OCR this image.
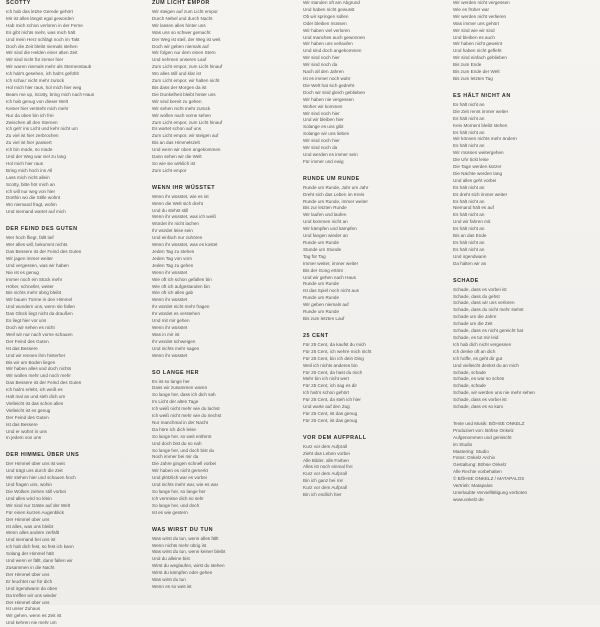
SCOTTY
Ich hab das letzte Gerede gehört
Mir ist alles längst egal geworden
Hab mich schon verloren in der Ferne
Es gibt nichts mehr, was mich hält
Und mein Herz schlägt noch im Takt
Doch die Zeit bleibt niemals stehen
Wir sind die Helden einer alten Zeit
Wir sind nicht für immer hier
Wir waren niemals mehr als Sternenstaub
Ich hab's gesehen, ich hab's gefühlt
Ich schau' nicht mehr zurück
Hol mich hier raus, hol mich hier weg
Beam me up, Scotty, bring mich nach Haus
Ich hab genug von dieser Welt
Keiner hier versteht mich mehr
Nur da oben bin ich frei
Zwischen all den Sternen
Ich geh' ins Licht und kehr nicht um
Zu viel ist hier zerbrochen
Zu viel ist hier passiert
Ich bin müde, so müde
Und der Weg war viel zu lang
Hol mich hier raus
Bring mich hoch ins All
Lass mich nicht allein
Scotty, bitte hör mich an
Ich will nur weg von hier
Dorthin wo die Stille wohnt
Wo niemand fragt, wohin
Und niemand wartet auf mich
DER FEIND DES GUTEN
Wer hoch fliegt, fällt tief
Wer alles will, bekommt nichts
Das Bessere ist der Feind des Guten
Wir jagen immer weiter
Und vergessen, was wir haben
Nie ist es genug
Immer noch ein Stück mehr
Höher, schneller, weiter
Bis nichts mehr übrig bleibt
Wir bauen Türme in den Himmel
Und wundern uns, wenn sie fallen
Das Glück liegt nicht da draußen
Es liegt hier vor uns
Doch wir sehen es nicht
Weil wir nur nach vorne schauen
Der Feind des Guten
Ist das Bessere
Und wir rennen ihm hinterher
Bis wir am Boden liegen
Wir haben alles und doch nichts
Wir wollen mehr und noch mehr
Das Bessere ist der Feind des Guten
Ich hab's erlebt, ich weiß es
Halt mal an und sieh dich um
Vielleicht ist das schon alles
Vielleicht ist es genug
Der Feind des Guten
Ist das Bessere
Und er wohnt in uns
In jedem von uns
DER HIMMEL ÜBER UNS
Der Himmel über uns ist weit
Und trägt uns durch die Zeit
Wir stehen hier und schauen hoch
Und fragen uns, wohin
Die Wolken ziehen still vorbei
Und alles wird so klein
Wir sind nur Gäste auf der Welt
Für einen kurzen Augenblick
Der Himmel über uns
Ist alles, was uns bleibt
Wenn alles andere zerfällt
Und niemand bei uns ist
Ich halt dich fest, so fest ich kann
Solang der Himmel hält
Und wenn er fällt, dann fallen wir
Zusammen in die Nacht
Der Himmel über uns
Er leuchtet nur für dich
Und irgendwann da oben
Da treffen wir uns wieder
Der Himmel über uns
Ist unser Zuhaus
Wir gehen, wenn es Zeit ist
Und kehren nie mehr um
ZUM LICHT EMPOR
Wir steigen auf zum Licht empor
Durch Nebel und durch Nacht
Wir lassen alles hinter uns
Was uns so schwer gemacht
Der Weg ist steil, der Weg ist weit
Doch wir geben niemals auf
Wir folgen nur dem einen Stern
Und nehmen unseren Lauf
Zum Licht empor, zum Licht hinauf
Wo alles still und klar ist
Zum Licht empor, wir halten nicht
Bis dass der Morgen da ist
Die Dunkelheit bleibt hinter uns
Wir sind bereit zu gehen
Wir sehen nicht mehr zurück
Wir wollen nach vorne sehen
Zum Licht empor, zum Licht hinauf
Es wartet schon auf uns
Zum Licht empor, wir steigen auf
Bis an das Himmelszelt
Und wenn wir oben angekommen
Dann sehen wir die Welt
So wie sie wirklich ist
Zum Licht empor
WENN IHR WÜSSTET
Wenn ihr wüsstet, wie es ist
Wenn die Welt sich dreht
Und du stehst still
Wenn ihr wüsstet, was ich weiß
Würdet ihr nicht lachen
Ihr würdet leise sein
Und einfach nur zuhören
Wenn ihr wüsstet, was es kostet
Jeden Tag zu stehen
Jeden Tag von vorn
Jeden Tag zu gehen
Wenn ihr wüsstet
Wie oft ich schon gefallen bin
Wie oft ich aufgestanden bin
Wie oft ich alles gab
Wenn ihr wüsstet
Ihr würdet nicht mehr fragen
Ihr würdet es verstehen
Und mit mir gehen
Wenn ihr wüsstet
Was in mir ist
Ihr würdet schweigen
Und nichts mehr sagen
Wenn ihr wüsstet
SO LANGE HER
Es ist so lange her
Dass wir zusammen waren
So lange her, dass ich dich sah
Im Licht der alten Tage
Ich weiß nicht mehr wie du lachst
Ich weiß nicht mehr wie du riechst
Nur manchmal in der Nacht
Da höre ich dich leise
So lange her, so weit entfernt
Und doch bist du so nah
So lange her, und doch bist du
Noch immer bei mir da
Die Jahre gingen schnell vorbei
Wir haben es nicht gemerkt
Und plötzlich war es vorbei
Und nichts mehr war, wie es war
So lange her, so lange her
Ich vermisse dich so sehr
So lange her, und doch
Ist es wie gestern
WAS WIRST DU TUN
Was wirst du tun, wenn alles fällt
Wenn nichts mehr übrig ist
Was wirst du tun, wenn keiner bleibt
Und du alleine bist
Wirst du weglaufen, wirst du stehen
Wirst du kämpfen oder gehen
Was wirst du tun
Wenn es so weit ist
Wir standen oft am Abgrund
Und haben nicht gewusst
Ob wir springen sollen
Oder bleiben müssen
Wir haben viel verloren
Und manches auch gewonnen
Wir haben uns verlaufen
Und sind doch angekommen
Wir sind noch hier
Wir sind noch da
Nach all den Jahren
Ist es immer noch wahr
Die Welt hat sich gedreht
Doch wir sind gleich geblieben
Wir haben nie vergessen
Woher wir kommen
Wir sind noch hier
Und wir bleiben hier
Solange es uns gibt
Solange wir uns lieben
Wir sind noch hier
Wir sind noch da
Und werden es immer sein
Für immer und ewig
RUNDE UM RUNDE
Runde um Runde, Jahr um Jahr
Dreht sich das Leben im Kreis
Runde um Runde, immer weiter
Bis zur letzten Runde
Wir laufen und laufen
Und kommen nicht an
Wir kämpfen und kämpfen
Und fangen wieder an
Runde um Runde
Stunde um Stunde
Tag für Tag
Immer weiter, immer weiter
Bis der Gong ertönt
Und wir gehen nach Haus
Runde um Runde
Ist das Spiel noch nicht aus
Runde um Runde
Wir geben niemals auf
Runde um Runde
Bis zum letzten Lauf
25 CENT
Für 25 Cent, da kaufst du mich
Für 25 Cent, ich wehre mich nicht
Für 25 Cent, bin ich dein Ding
Weil ich nichts anderes bin
Für 25 Cent, da hast du mich
Mehr bin ich nicht wert
Für 25 Cent, ich sag es dir
Ich hab's schon gehört
Für 25 Cent, da steh ich hier
Und warte auf den Zug
Für 25 Cent, ist das genug
Für 25 Cent, ist das genug
VOR DEM AUFPRALL
Kurz vor dem Aufprall
Zieht das Leben vorbei
Alle Bilder, alle Farben
Alles ist noch einmal frei
Kurz vor dem Aufprall
Bin ich ganz bei mir
Kurz vor dem Aufprall
Bin ich endlich hier
Wir werden nicht vergessen
Wie es früher war
Wir werden nicht verlieren
Was immer uns gehört
Wir sind wie wir sind
Und bleiben es auch
Wir haben nicht geweint
Und haben nicht gefleht
Wir sind einfach geblieben
Bis zum Ende
Bis zum Ende der Welt
Bis zum letzten Tag
ES HÄLT NICHT AN
Es hält nicht an
Die Zeit rennt immer weiter
Es hält nicht an
Kein Moment bleibt stehen
Es hält nicht an
Wir können nichts mehr ändern
Es hält nicht an
Wir müssen weitergehen
Die Uhr tickt leise
Die Tage werden kürzer
Die Nächte werden lang
Und alles geht vorbei
Es hält nicht an
Es dreht sich immer weiter
Es hält nicht an
Niemand hält es auf
Es hält nicht an
Und wir fahren mit
Es hält nicht an
Bis an das Ende
Es hält nicht an
Es hält nicht an
Und irgendwann
Da halten wir an
SCHADE
Schade, dass es vorbei ist
Schade, dass du gehst
Schade, dass wir uns verloren
Schade, dass du nicht mehr stehst
Schade um die Jahre
Schade um die Zeit
Schade, dass es nicht gereicht hat
Schade, es tut mir leid
Ich hab dich nicht vergessen
Ich denke oft an dich
Ich hoffe, es geht dir gut
Und vielleicht denkst du an mich
Schade, schade
Schade, es war so schön
Schade, schade
Schade, wir werden uns nie mehr sehen
Schade, dass es vorbei ist
Schade, dass es so kam
Texte und Musik: BÖHSE ONKELZ
Produziert von: Böhse Onkelz
Aufgenommen und gemischt
im Studio
Mastering: Studio
Fotos: Onkelz Archiv
Gestaltung: Böhse Onkelz
Alle Rechte vorbehalten
© BÖHSE ONKELZ / MATAPALOS
Vertrieb: Matapalos
Unerlaubte Vervielfältigung verboten
www.onkelz.de
